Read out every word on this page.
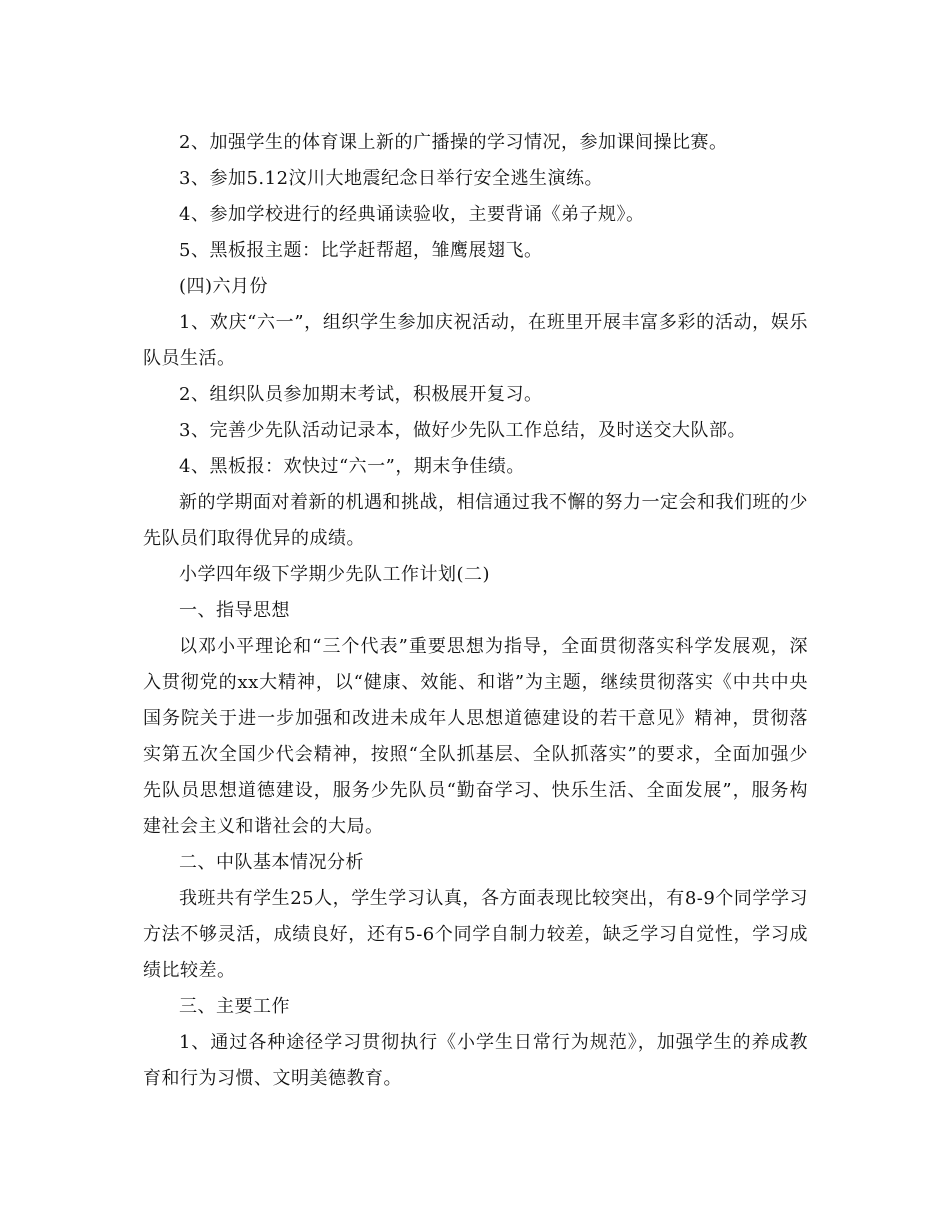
2、加强学生的体育课上新的广播操的学习情况，参加课间操比赛。

3、参加5.12汶川大地震纪念日举行安全逃生演练。

4、参加学校进行的经典诵读验收，主要背诵《弟子规》。

5、黑板报主题：比学赶帮超，雏鹰展翅飞。

(四)六月份

1、欢庆“六一”，组织学生参加庆祝活动，在班里开展丰富多彩的活动，娱乐队员生活。

2、组织队员参加期末考试，积极展开复习。

3、完善少先队活动记录本，做好少先队工作总结，及时送交大队部。

4、黑板报：欢快过“六一”，期末争佳绩。

新的学期面对着新的机遇和挑战，相信通过我不懈的努力一定会和我们班的少先队员们取得优异的成绩。

小学四年级下学期少先队工作计划(二)

一、指导思想

以邓小平理论和“三个代表”重要思想为指导，全面贯彻落实科学发展观，深入贯彻党的xx大精神，以“健康、效能、和谐”为主题，继续贯彻落实《中共中央国务院关于进一步加强和改进未成年人思想道德建设的若干意见》精神，贯彻落实第五次全国少代会精神，按照“全队抓基层、全队抓落实”的要求，全面加强少先队员思想道德建设，服务少先队员“勤奋学习、快乐生活、全面发展”，服务构建社会主义和谐社会的大局。

二、中队基本情况分析

我班共有学生25人，学生学习认真，各方面表现比较突出，有8-9个同学学习方法不够灵活，成绩良好，还有5-6个同学自制力较差，缺乏学习自觉性，学习成绩比较差。

三、主要工作

1、通过各种途径学习贯彻执行《小学生日常行为规范》，加强学生的养成教育和行为习惯、文明美德教育。
